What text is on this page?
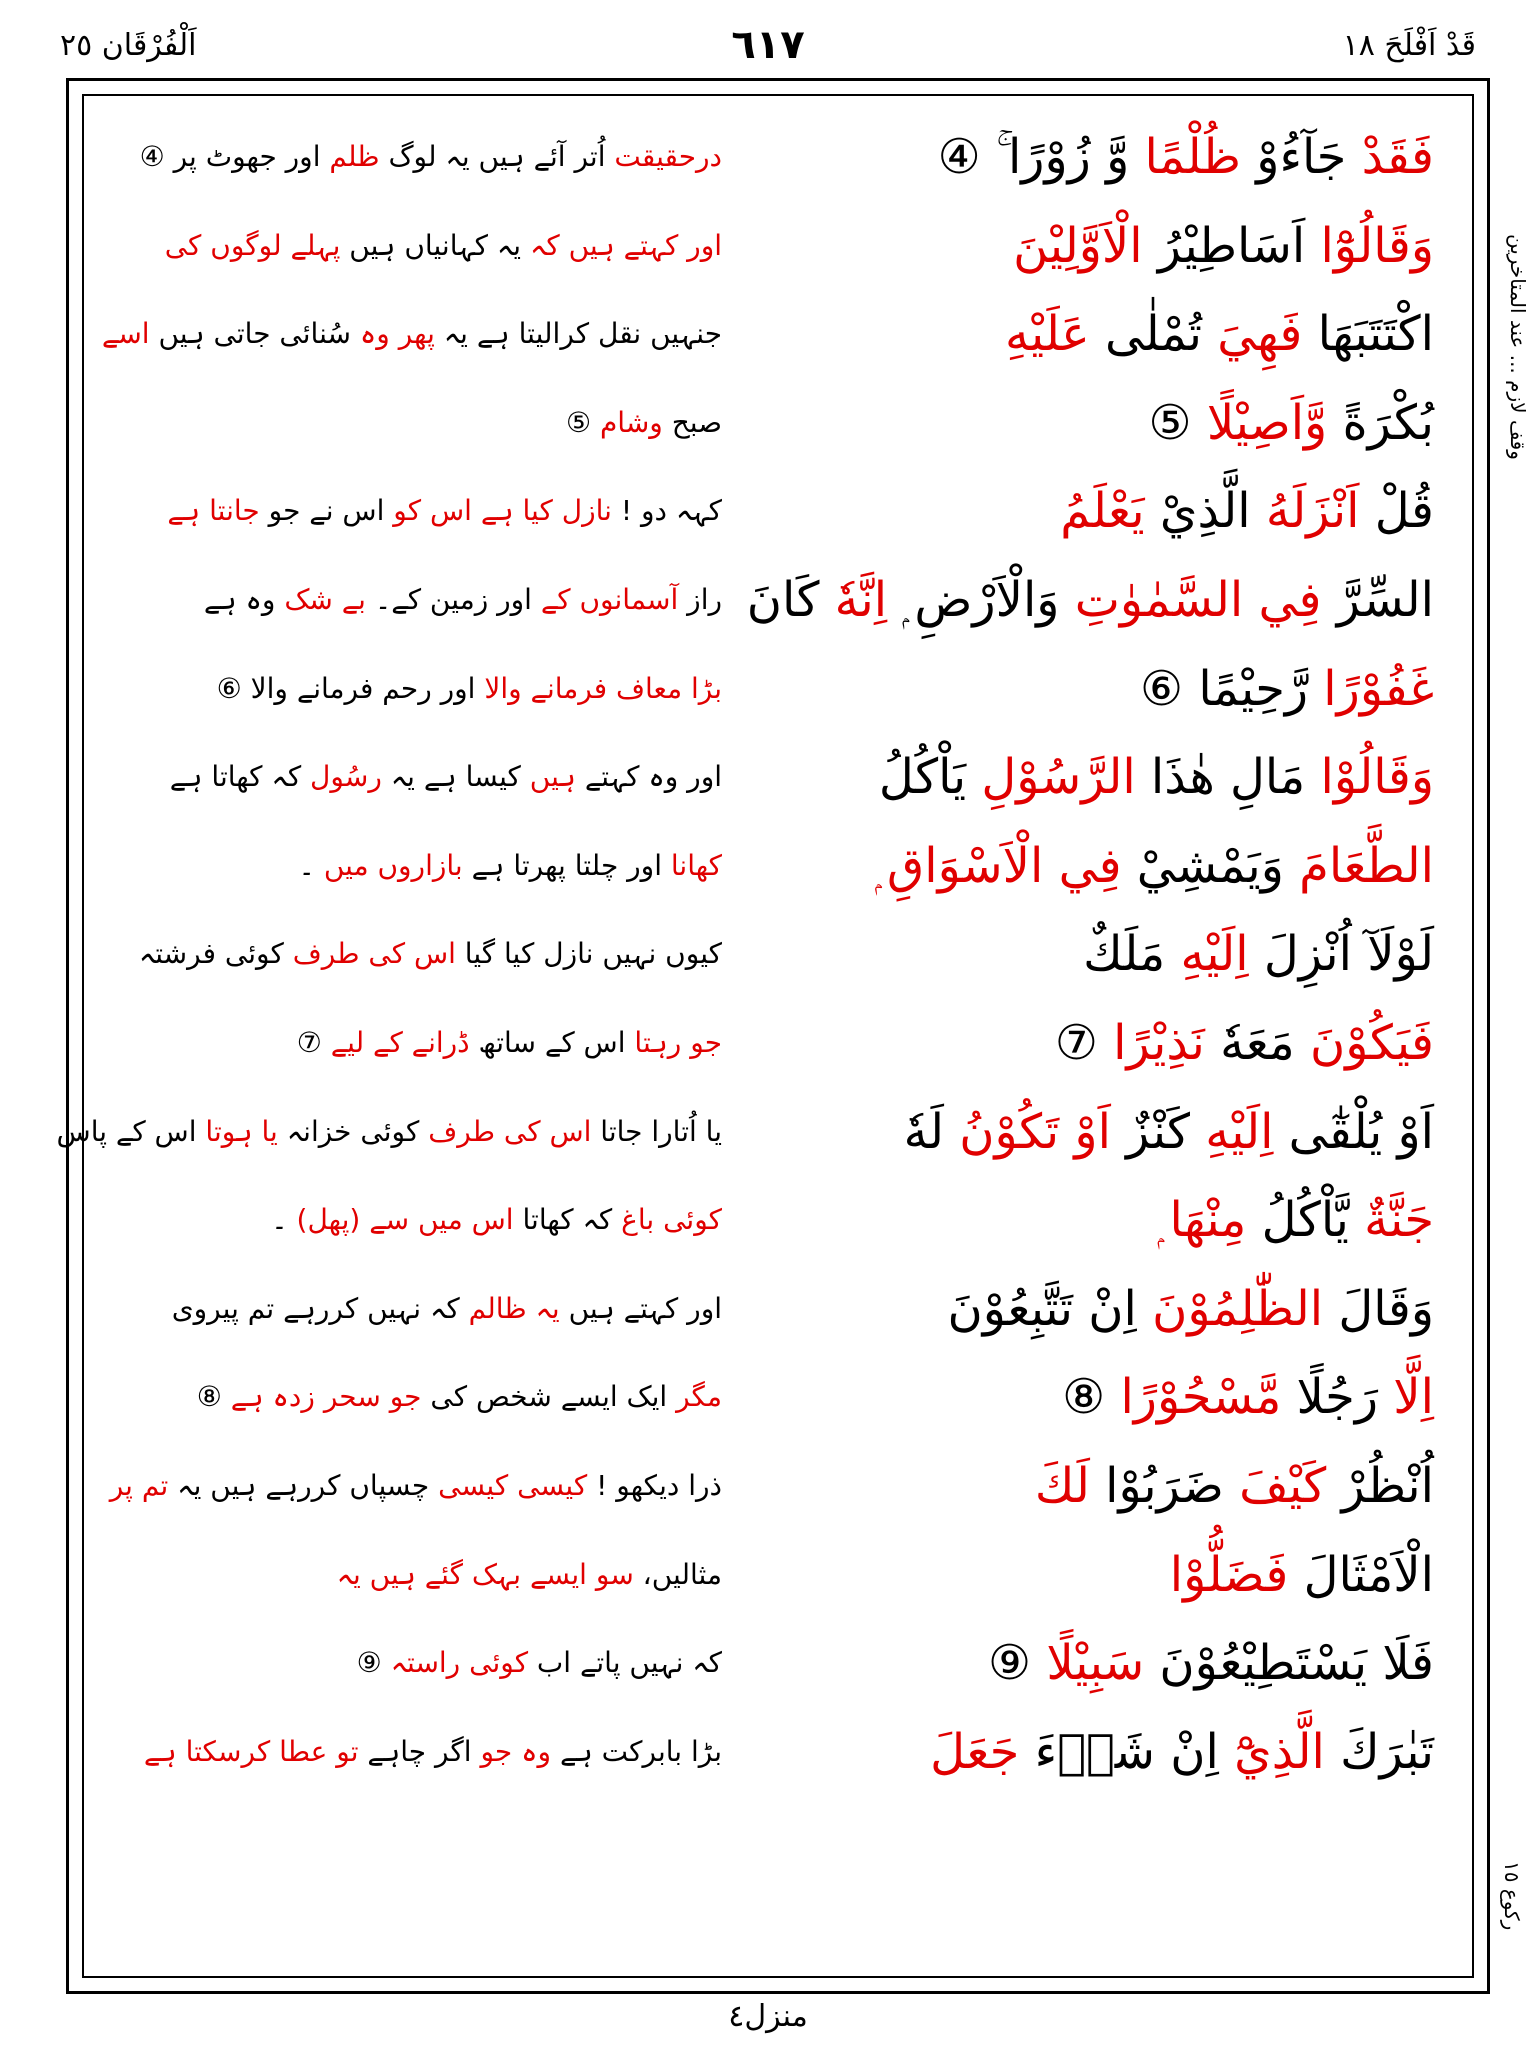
قَدْ اَفْلَحَ ١٨
٦١٧
اَلْفُرْقَان ٢٥
وقف لازم ... عند المتاخرین
رکوع ١٥
فَقَدْ جَآءُوْ ظُلْمًا وَّ زُوْرًا ۚ ④
درحقیقت اُتر آئے ہیں یہ لوگ ظلم اور جھوٹ پر ④
وَقَالُوْٓا اَسَاطِيْرُ الْاَوَّلِيْنَ
اور کہتے ہیں کہ یہ کہانیاں ہیں پہلے لوگوں کی
اكْتَتَبَهَا فَهِيَ تُمْلٰى عَلَيْهِ
جنہیں نقل کرالیتا ہے یہ پھر وہ سُنائی جاتی ہیں اسے
بُكْرَةً وَّاَصِيْلًا ⑤
صبح وشام ⑤
قُلْ اَنْزَلَهُ الَّذِيْ يَعْلَمُ
کہہ دو ! نازل کیا ہے اس کو اس نے جو جانتا ہے
السِّرَّ فِي السَّمٰوٰتِ وَالْاَرْضِ ۭ اِنَّهٗ كَانَ
راز آسمانوں کے اور زمین کے۔ بے شک وہ ہے
غَفُوْرًا رَّحِيْمًا ⑥
بڑا معاف فرمانے والا اور رحم فرمانے والا ⑥
وَقَالُوْا مَالِ هٰذَا الرَّسُوْلِ يَاْكُلُ
اور وہ کہتے ہیں کیسا ہے یہ رسُول کہ کھاتا ہے
الطَّعَامَ وَيَمْشِيْ فِي الْاَسْوَاقِ
کھانا اور چلتا پھرتا ہے بازاروں میں ۔
لَوْلَآ اُنْزِلَ اِلَيْهِ مَلَكٌ
کیوں نہیں نازل کیا گیا اس کی طرف کوئی فرشتہ
فَيَكُوْنَ مَعَهٗ نَذِيْرًا ⑦
جو رہتا اس کے ساتھ ڈرانے کے لیے ⑦
اَوْ يُلْقٰٓى اِلَيْهِ كَنْزٌ اَوْ تَكُوْنُ لَهٗ
یا اُتارا جاتا اس کی طرف کوئی خزانہ یا ہوتا اس کے پاس
جَنَّةٌ يَّاْكُلُ مِنْهَا ۭ
کوئی باغ کہ کھاتا اس میں سے (پھل) ۔
وَقَالَ الظّٰلِمُوْنَ اِنْ تَتَّبِعُوْنَ
اور کہتے ہیں یہ ظالم کہ نہیں کررہے تم پیروی
اِلَّا رَجُلًا مَّسْحُوْرًا ⑧
مگر ایک ایسے شخص کی جو سحر زدہ ہے ⑧
اُنْظُرْ كَيْفَ ضَرَبُوْا لَكَ
ذرا دیکھو ! کیسی کیسی چسپاں کررہے ہیں یہ تم پر
الْاَمْثَالَ فَضَلُّوْا
مثالیں، سو ایسے بہک گئے ہیں یہ
فَلَا يَسْتَطِيْعُوْنَ سَبِيْلًا ⑨
کہ نہیں پاتے اب کوئی راستہ ⑨
تَبٰرَكَ الَّذِيْٓ اِنْ شَاۗءَ جَعَلَ
بڑا بابرکت ہے وہ جو اگر چاہے تو عطا کرسکتا ہے
منزل٤
